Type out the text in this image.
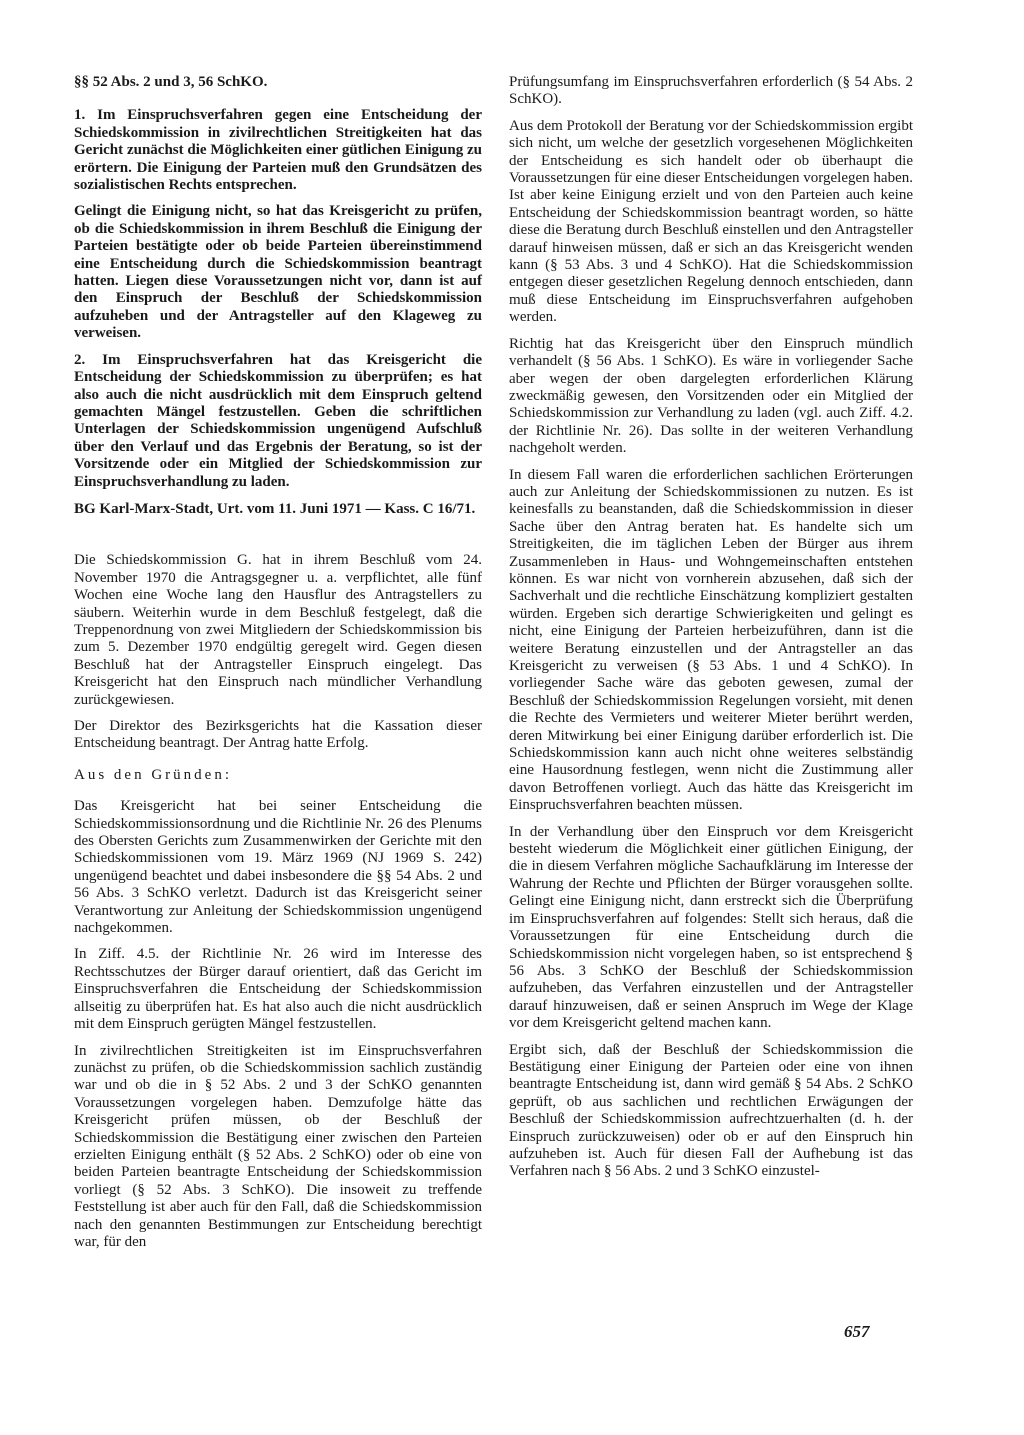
§§ 52 Abs. 2 und 3, 56 SchKO.

1. Im Einspruchsverfahren gegen eine Entscheidung der Schiedskommission in zivilrechtlichen Streitigkeiten hat das Gericht zunächst die Möglichkeiten einer gütlichen Einigung zu erörtern. Die Einigung der Parteien muß den Grundsätzen des sozialistischen Rechts entsprechen.

Gelingt die Einigung nicht, so hat das Kreisgericht zu prüfen, ob die Schiedskommission in ihrem Beschluß die Einigung der Parteien bestätigte oder ob beide Parteien übereinstimmend eine Entscheidung durch die Schiedskommission beantragt hatten. Liegen diese Voraussetzungen nicht vor, dann ist auf den Einspruch der Beschluß der Schiedskommission aufzuheben und der Antragsteller auf den Klageweg zu verweisen.

2. Im Einspruchsverfahren hat das Kreisgericht die Entscheidung der Schiedskommission zu überprüfen; es hat also auch die nicht ausdrücklich mit dem Einspruch geltend gemachten Mängel festzustellen. Geben die schriftlichen Unterlagen der Schiedskommission ungenügend Aufschluß über den Verlauf und das Ergebnis der Beratung, so ist der Vorsitzende oder ein Mitglied der Schiedskommission zur Einspruchsverhandlung zu laden.

BG Karl-Marx-Stadt, Urt. vom 11. Juni 1971 — Kass. C 16/71.

Die Schiedskommission G. hat in ihrem Beschluß vom 24. November 1970 die Antragsgegner u. a. verpflichtet, alle fünf Wochen eine Woche lang den Hausflur des Antragstellers zu säubern. Weiterhin wurde in dem Beschluß festgelegt, daß die Treppenordnung von zwei Mitgliedern der Schiedskommission bis zum 5. Dezember 1970 endgültig geregelt wird. Gegen diesen Beschluß hat der Antragsteller Einspruch eingelegt. Das Kreisgericht hat den Einspruch nach mündlicher Verhandlung zurückgewiesen.

Der Direktor des Bezirksgerichts hat die Kassation dieser Entscheidung beantragt. Der Antrag hatte Erfolg.

Aus den Gründen:

Das Kreisgericht hat bei seiner Entscheidung die Schiedskommissionsordnung und die Richtlinie Nr. 26 des Plenums des Obersten Gerichts zum Zusammenwirken der Gerichte mit den Schiedskommissionen vom 19. März 1969 (NJ 1969 S. 242) ungenügend beachtet und dabei insbesondere die §§ 54 Abs. 2 und 56 Abs. 3 SchKO verletzt. Dadurch ist das Kreisgericht seiner Verantwortung zur Anleitung der Schiedskommission ungenügend nachgekommen.

In Ziff. 4.5. der Richtlinie Nr. 26 wird im Interesse des Rechtsschutzes der Bürger darauf orientiert, daß das Gericht im Einspruchsverfahren die Entscheidung der Schiedskommission allseitig zu überprüfen hat. Es hat also auch die nicht ausdrücklich mit dem Einspruch gerügten Mängel festzustellen.

In zivilrechtlichen Streitigkeiten ist im Einspruchsverfahren zunächst zu prüfen, ob die Schiedskommission sachlich zuständig war und ob die in § 52 Abs. 2 und 3 der SchKO genannten Voraussetzungen vorgelegen haben. Demzufolge hätte das Kreisgericht prüfen müssen, ob der Beschluß der Schiedskommission die Bestätigung einer zwischen den Parteien erzielten Einigung enthält (§ 52 Abs. 2 SchKO) oder ob eine von beiden Parteien beantragte Entscheidung der Schiedskommission vorliegt (§ 52 Abs. 3 SchKO). Die insoweit zu treffende Feststellung ist aber auch für den Fall, daß die Schiedskommission nach den genannten Bestimmungen zur Entscheidung berechtigt war, für den

Prüfungsumfang im Einspruchsverfahren erforderlich (§ 54 Abs. 2 SchKO).

Aus dem Protokoll der Beratung vor der Schiedskommission ergibt sich nicht, um welche der gesetzlich vorgesehenen Möglichkeiten der Entscheidung es sich handelt oder ob überhaupt die Voraussetzungen für eine dieser Entscheidungen vorgelegen haben. Ist aber keine Einigung erzielt und von den Parteien auch keine Entscheidung der Schiedskommission beantragt worden, so hätte diese die Beratung durch Beschluß einstellen und den Antragsteller darauf hinweisen müssen, daß er sich an das Kreisgericht wenden kann (§ 53 Abs. 3 und 4 SchKO). Hat die Schiedskommission entgegen dieser gesetzlichen Regelung dennoch entschieden, dann muß diese Entscheidung im Einspruchsverfahren aufgehoben werden.

Richtig hat das Kreisgericht über den Einspruch mündlich verhandelt (§ 56 Abs. 1 SchKO). Es wäre in vorliegender Sache aber wegen der oben dargelegten erforderlichen Klärung zweckmäßig gewesen, den Vorsitzenden oder ein Mitglied der Schiedskommission zur Verhandlung zu laden (vgl. auch Ziff. 4.2. der Richtlinie Nr. 26). Das sollte in der weiteren Verhandlung nachgeholt werden.

In diesem Fall waren die erforderlichen sachlichen Erörterungen auch zur Anleitung der Schiedskommissionen zu nutzen. Es ist keinesfalls zu beanstanden, daß die Schiedskommission in dieser Sache über den Antrag beraten hat. Es handelte sich um Streitigkeiten, die im täglichen Leben der Bürger aus ihrem Zusammenleben in Haus- und Wohngemeinschaften entstehen können. Es war nicht von vornherein abzusehen, daß sich der Sachverhalt und die rechtliche Einschätzung kompliziert gestalten würden. Ergeben sich derartige Schwierigkeiten und gelingt es nicht, eine Einigung der Parteien herbeizuführen, dann ist die weitere Beratung einzustellen und der Antragsteller an das Kreisgericht zu verweisen (§ 53 Abs. 1 und 4 SchKO). In vorliegender Sache wäre das geboten gewesen, zumal der Beschluß der Schiedskommission Regelungen vorsieht, mit denen die Rechte des Vermieters und weiterer Mieter berührt werden, deren Mitwirkung bei einer Einigung darüber erforderlich ist. Die Schiedskommission kann auch nicht ohne weiteres selbständig eine Hausordnung festlegen, wenn nicht die Zustimmung aller davon Betroffenen vorliegt. Auch das hätte das Kreisgericht im Einspruchsverfahren beachten müssen.

In der Verhandlung über den Einspruch vor dem Kreisgericht besteht wiederum die Möglichkeit einer gütlichen Einigung, der die in diesem Verfahren mögliche Sachaufklärung im Interesse der Wahrung der Rechte und Pflichten der Bürger vorausgehen sollte. Gelingt eine Einigung nicht, dann erstreckt sich die Überprüfung im Einspruchsverfahren auf folgendes: Stellt sich heraus, daß die Voraussetzungen für eine Entscheidung durch die Schiedskommission nicht vorgelegen haben, so ist entsprechend § 56 Abs. 3 SchKO der Beschluß der Schiedskommission aufzuheben, das Verfahren einzustellen und der Antragsteller darauf hinzuweisen, daß er seinen Anspruch im Wege der Klage vor dem Kreisgericht geltend machen kann.

Ergibt sich, daß der Beschluß der Schiedskommission die Bestätigung einer Einigung der Parteien oder eine von ihnen beantragte Entscheidung ist, dann wird gemäß § 54 Abs. 2 SchKO geprüft, ob aus sachlichen und rechtlichen Erwägungen der Beschluß der Schiedskommission aufrechtzuerhalten (d. h. der Einspruch zurückzuweisen) oder ob er auf den Einspruch hin aufzuheben ist. Auch für diesen Fall der Aufhebung ist das Verfahren nach § 56 Abs. 2 und 3 SchKO einzustel-

657
